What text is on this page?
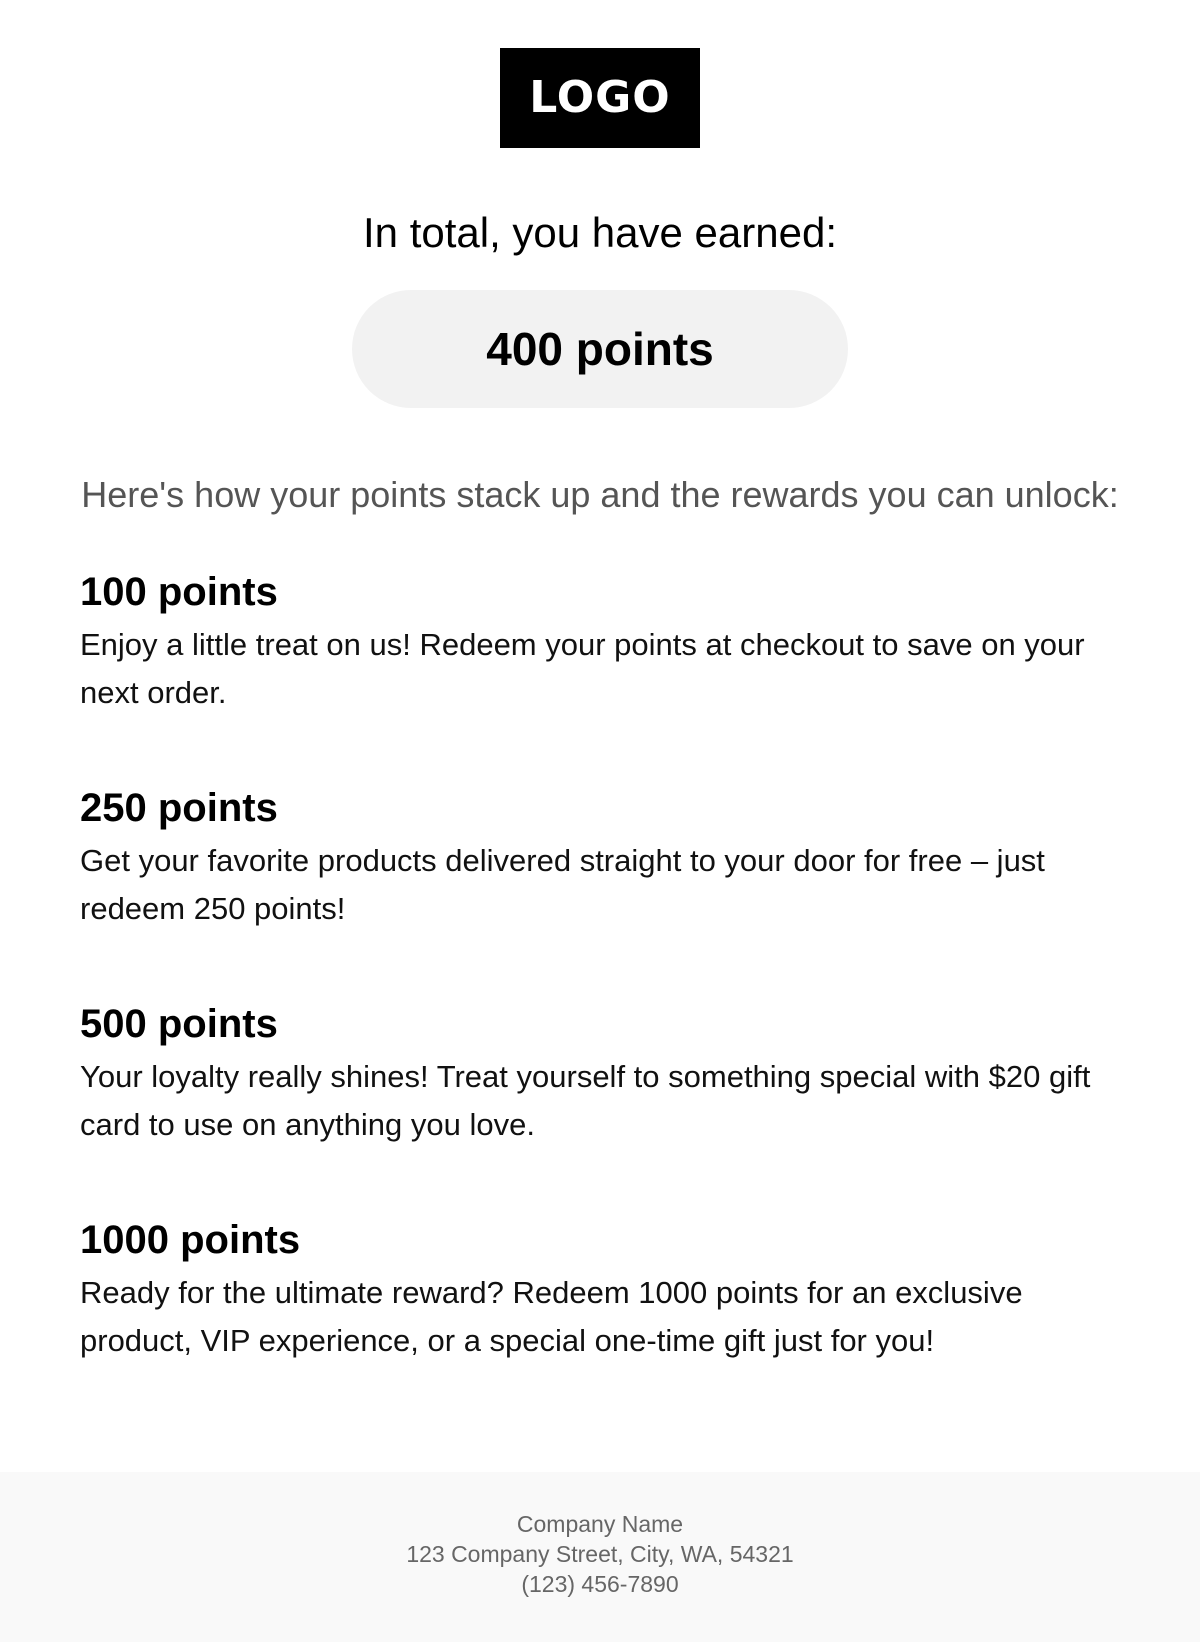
LOGO
In total, you have earned:
400 points
Here's how your points stack up and the rewards you can unlock:

100 points

Enjoy a little treat on us! Redeem your points at checkout to save on your next order.

250 points

Get your favorite products delivered straight to your door for free – just redeem 250 points!

500 points

Your loyalty really shines! Treat yourself to something special with $20 gift card to use on anything you love.

1000 points

Ready for the ultimate reward? Redeem 1000 points for an exclusive product, VIP experience, or a special one-time gift just for you!

Company Name
123 Company Street, City, WA, 54321
(123) 456-7890
